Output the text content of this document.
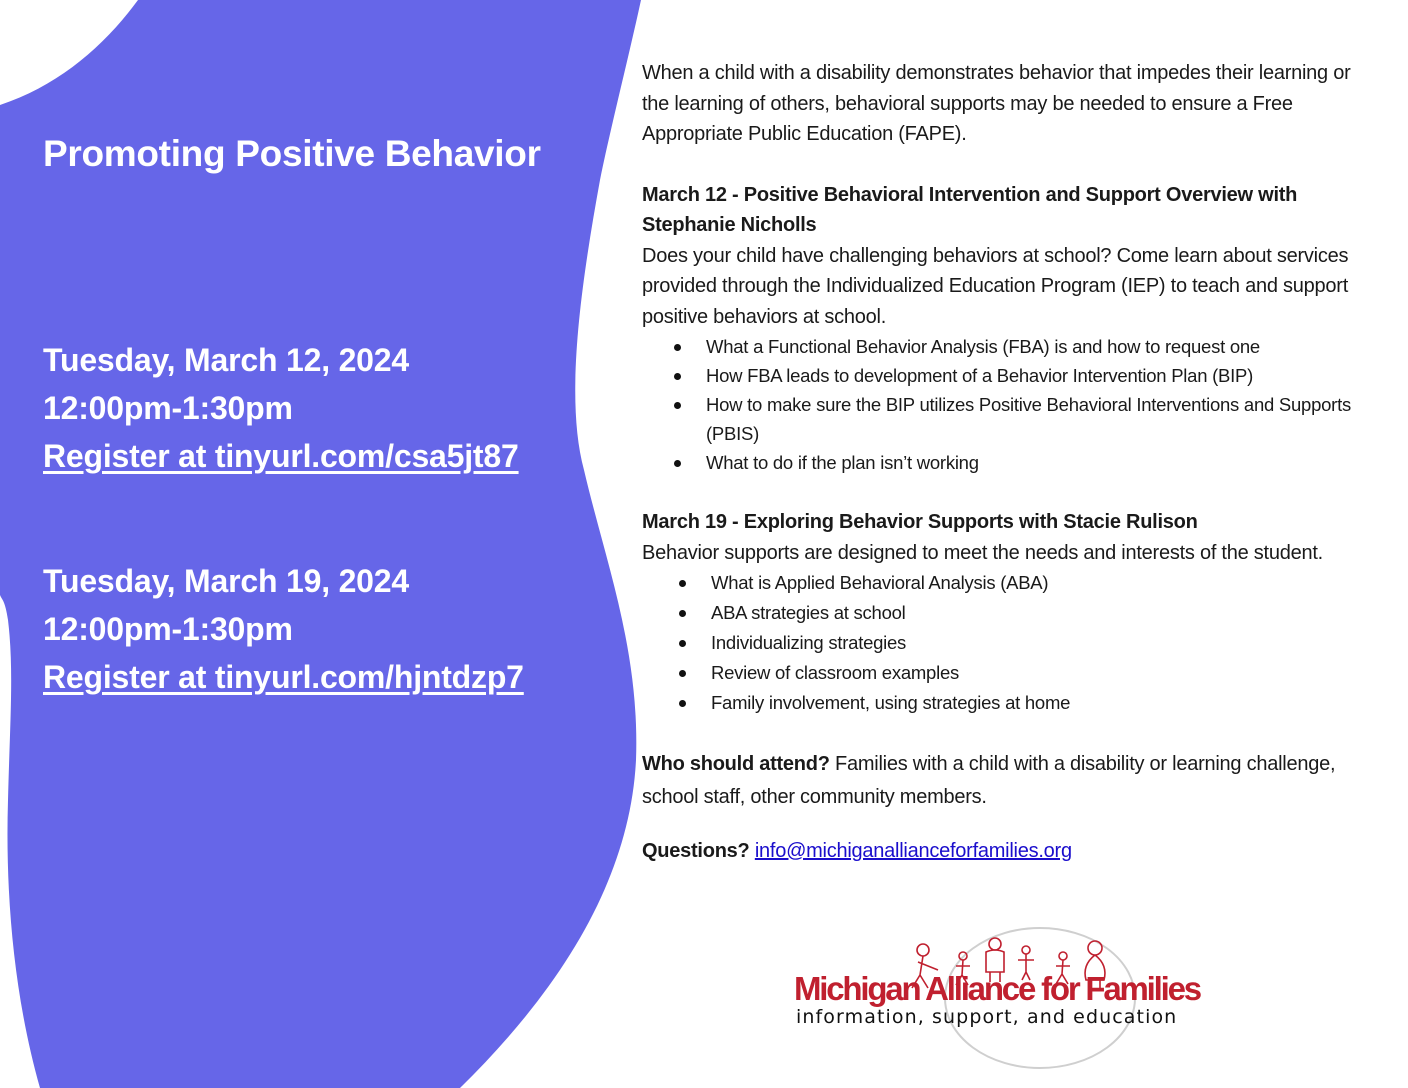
Promoting Positive Behavior
Tuesday, March 12, 2024
12:00pm-1:30pm
Register at tinyurl.com/csa5jt87
Tuesday, March 19, 2024
12:00pm-1:30pm
Register at tinyurl.com/hjntdzp7

When a child with a disability demonstrates behavior that impedes their learning or the learning of others, behavioral supports may be needed to ensure a Free Appropriate Public Education (FAPE).

March 12 - Positive Behavioral Intervention and Support Overview with Stephanie Nicholls

Does your child have challenging behaviors at school? Come learn about services provided through the Individualized Education Program (IEP) to teach and support positive behaviors at school.

What a Functional Behavior Analysis (FBA) is and how to request one
How FBA leads to development of a Behavior Intervention Plan (BIP)
How to make sure the BIP utilizes Positive Behavioral Interventions and Supports (PBIS)
What to do if the plan isn’t working

March 19 - Exploring Behavior Supports with Stacie Rulison

Behavior supports are designed to meet the needs and interests of the student.

What is Applied Behavioral Analysis (ABA)
ABA strategies at school
Individualizing strategies
Review of classroom examples
Family involvement, using strategies at home

Who should attend? Families with a child with a disability or learning challenge, school staff, other community members.

Questions? info@michiganallianceforfamilies.org

Michigan Alliance for Families
information, support, and education
